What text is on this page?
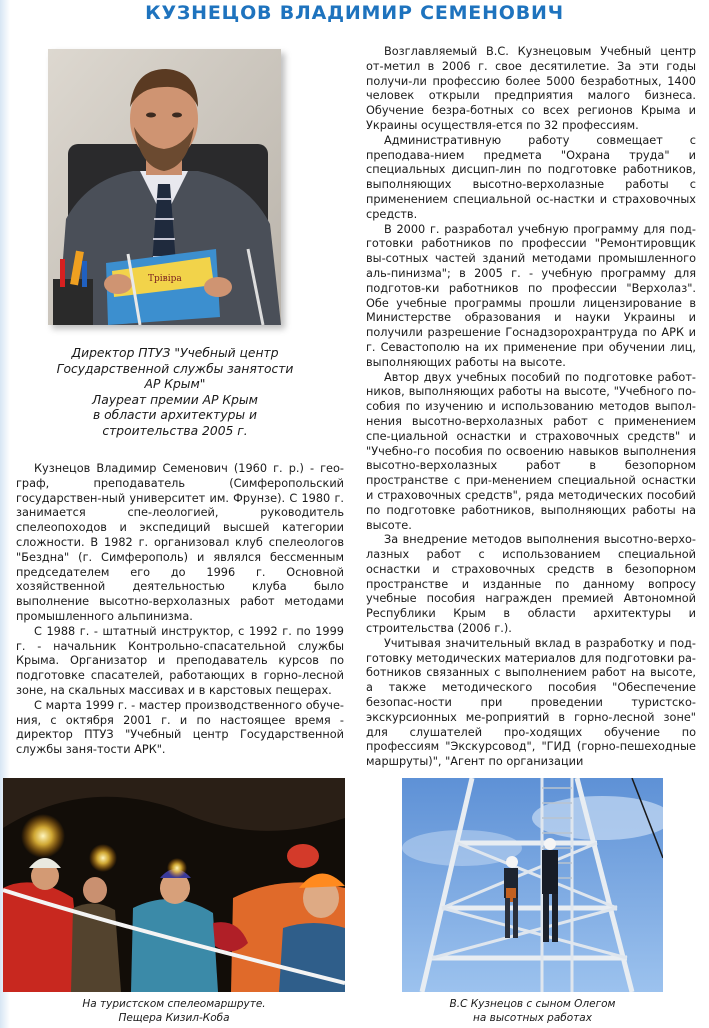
КУЗНЕЦОВ ВЛАДИМИР СЕМЕНОВИЧ
Трівіра
Директор ПТУЗ "Учебный центр
Государственной службы занятости
АР Крым"
Лауреат премии АР Крым
в области архитектуры и
строительства 2005 г.

Кузнецов Владимир Семенович (1960 г. р.) - гео-граф, преподаватель (Симферопольский государствен-ный университет им. Фрунзе). С 1980 г. занимается спе-леологией, руководитель спелеопоходов и экспедиций высшей категории сложности. В 1982 г. организовал клуб спелеологов "Бездна" (г. Симферополь) и являлся бессменным председателем его до 1996 г. Основной хозяйственной деятельностью клуба было выполнение высотно-верхолазных работ методами промышленного альпинизма.

С 1988 г. - штатный инструктор, с 1992 г. по 1999 г. - начальник Контрольно-спасательной службы Крыма. Организатор и преподаватель курсов по подготовке спасателей, работающих в горно-лесной зоне, на скальных массивах и в карстовых пещерах.

С марта 1999 г. - мастер производственного обуче-ния, с октября 2001 г. и по настоящее время - директор ПТУЗ "Учебный центр Государственной службы заня-тости АРК".

Возглавляемый В.С. Кузнецовым Учебный центр от-метил в 2006 г. свое десятилетие. За эти годы получи-ли профессию более 5000 безработных, 1400 человек открыли предприятия малого бизнеса. Обучение безра-ботных со всех регионов Крыма и Украины осуществля-ется по 32 профессиям.

Административную работу совмещает с преподава-нием предмета "Охрана труда" и специальных дисцип-лин по подготовке работников, выполняющих высотно-верхолазные работы с применением специальной ос-настки и страховочных средств.

В 2000 г. разработал учебную программу для под-готовки работников по профессии "Ремонтировщик вы-сотных частей зданий методами промышленного аль-пинизма"; в 2005 г. - учебную программу для подготов-ки работников по профессии "Верхолаз". Обе учебные программы прошли лицензирование в Министерстве образования и науки Украины и получили разрешение Госнадзорохрантруда по АРК и г. Севастополю на их применение при обучении лиц, выполняющих работы на высоте.

Автор двух учебных пособий по подготовке работ-ников, выполняющих работы на высоте, "Учебного по-собия по изучению и использованию методов выпол-нения высотно-верхолазных работ с применением спе-циальной оснастки и страховочных средств" и "Учебно-го пособия по освоению навыков выполнения высотно-верхолазных работ в безопорном пространстве с при-менением специальной оснастки и страховочных средств", ряда методических пособий по подготовке работников, выполняющих работы на высоте.

За внедрение методов выполнения высотно-верхо-лазных работ с использованием специальной оснастки и страховочных средств в безопорном пространстве и изданные по данному вопросу учебные пособия награжден премией Автономной Республики Крым в области архитектуры и строительства (2006 г.).

Учитывая значительный вклад в разработку и под-готовку методических материалов для подготовки ра-ботников связанных с выполнением работ на высоте, а также методического пособия "Обеспечение безопас-ности при проведении туристско-экскурсионных ме-роприятий в горно-лесной зоне" для слушателей про-ходящих обучение по профессиям "Экскурсовод", "ГИД (горно-пешеходные маршруты)", "Агент по организации

На туристском спелеомаршруте.
Пещера Кизил-Коба
В.С Кузнецов с сыном Олегом
на высотных работах
